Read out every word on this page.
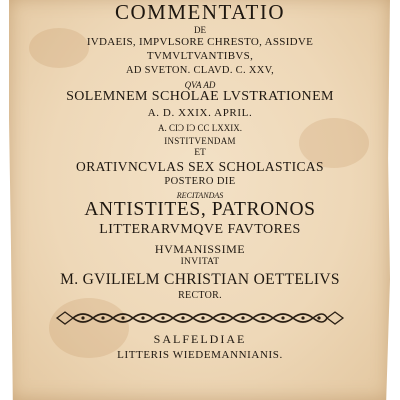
COMMENTATIO
DE
IVDAEIS, IMPVLSORE CHRESTO, ASSIDVE
TVMVLTVANTIBVS,
AD SVETON. CLAVD. C. XXV,
QVA AD
SOLEMNEM SCHOLAE LVSTRATIONEM
A. D. XXIX. APRIL.
A. CIƆ IƆ CC LXXIX.
INSTITVENDAM
ET
ORATIVNCVLAS SEX SCHOLASTICAS
POSTERO DIE
RECITANDAS
ANTISTITES, PATRONOS
LITTERARVMQVE FAVTORES
HVMANISSIME
INVITAT
M. GVILIELM CHRISTIAN OETTELIVS
RECTOR.
SALFELDIAE
LITTERIS WIEDEMANNIANIS.
